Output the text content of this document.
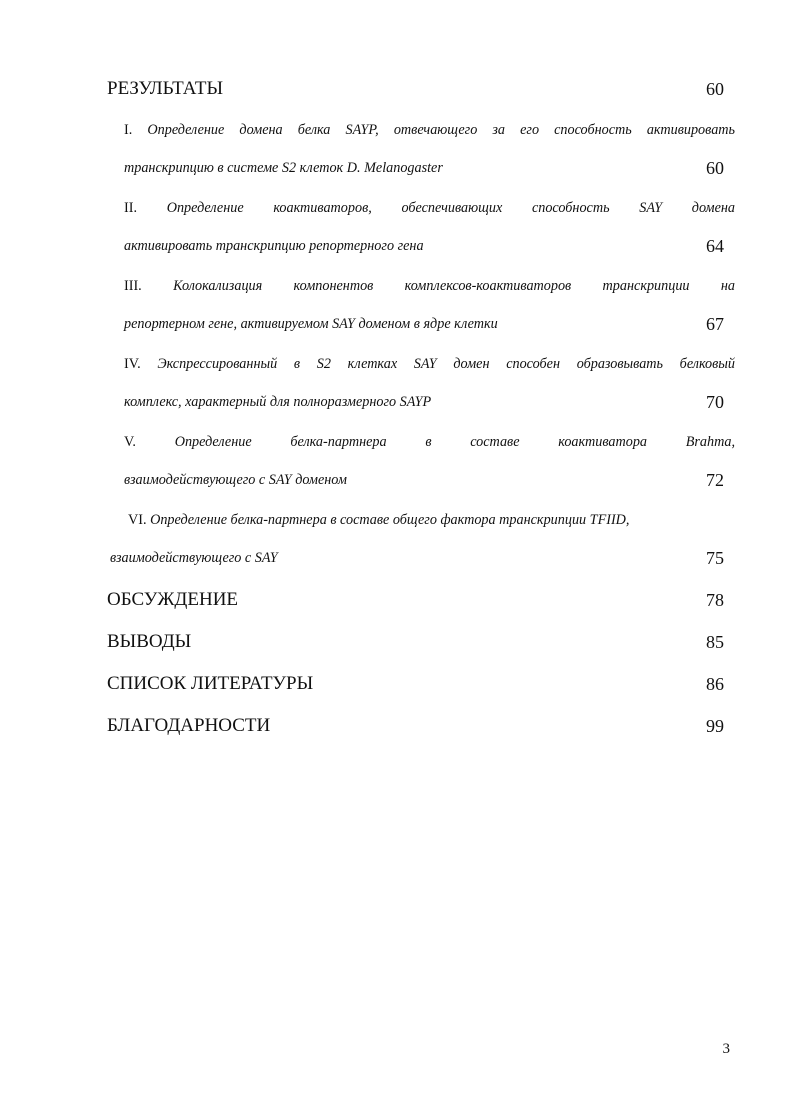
РЕЗУЛЬТАТЫ	60
I. Определение домена белка SAYP, отвечающего за его способность активировать
транскрипцию в системе S2 клеток D. Melanogaster	60
II. Определение коактиваторов, обеспечивающих способность SAY домена
активировать транскрипцию репортерного гена	64
III. Колокализация компонентов комплексов-коактиваторов транскрипции на
репортерном гене, активируемом SAY доменом в ядре клетки	67
IV. Экспрессированный в S2 клетках SAY домен способен образовывать белковый
комплекс, характерный для полноразмерного SAYP	70
V.	Определение белка-партнера в составе коактиватора Brahma,
взаимодействующего с SAY доменом	72
VI. Определение белка-партнера в составе общего фактора транскрипции TFIID,
взаимодействующего с SAY	75
ОБСУЖДЕНИЕ	78
ВЫВОДЫ	85
СПИСОК ЛИТЕРАТУРЫ	86
БЛАГОДАРНОСТИ	99
3
